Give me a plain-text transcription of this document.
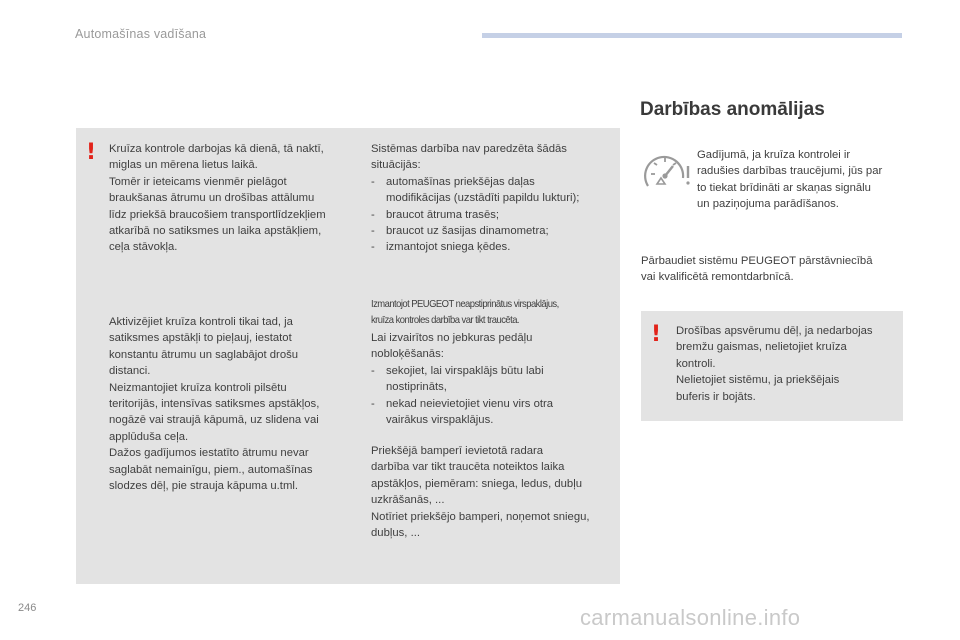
Automašīnas vadīšana
! Kruīza kontrole darbojas kā dienā, tā naktī,

miglas un mērena lietus laikā.

Tomēr ir ieteicams vienmēr pielāgot

braukšanas ātrumu un drošības attālumu

līdz priekšā braucošiem transportlīdzekļiem

atkarībā no satiksmes un laika apstākļiem,

ceļa stāvokļa.

Aktivizējiet kruīza kontroli tikai tad, ja

satiksmes apstākļi to pieļauj, iestatot

konstantu ātrumu un saglabājot drošu

distanci.

Neizmantojiet kruīza kontroli pilsētu

teritorijās, intensīvas satiksmes apstākļos,

nogāzē vai straujā kāpumā, uz slidena vai

applūduša ceļa.

Dažos gadījumos iestatīto ātrumu nevar

saglabāt nemainīgu, piem., automašīnas

slodzes dēļ, pie strauja kāpuma u.tml.

Sistēmas darbība nav paredzēta šādās

situācijās:

- automašīnas priekšējas daļas
modifikācijas (uzstādīti papildu lukturi);
- braucot ātruma trasēs;
- braucot uz šasijas dinamometra;
- izmantojot sniega ķēdes.

Izmantojot PEUGEOT neapstiprinātus virspaklājus,

kruīza kontroles darbība var tikt traucēta.

Lai izvairītos no jebkuras pedāļu

nobloķēšanās:

- sekojiet, lai virspaklājs būtu labi
nostiprināts,
- nekad neievietojiet vienu virs otra
vairākus virspaklājus.

Priekšējā bamperī ievietotā radara

darbība var tikt traucēta noteiktos laika

apstākļos, piemēram: sniega, ledus, dubļu

uzkrāšanās, ...

Notīriet priekšējo bamperi, noņemot sniegu,

dubļus, ...

Darbības anomālijas

Gadījumā, ja kruīza kontrolei ir

radušies darbības traucējumi, jūs par

to tiekat brīdināti ar skaņas signālu

un paziņojuma parādīšanos.

Pārbaudiet sistēmu PEUGEOT pārstāvniecībā

vai kvalificētā remontdarbnīcā.

! Drošības apsvērumu dēļ, ja nedarbojas

bremžu gaismas, nelietojiet kruīza

kontroli.

Nelietojiet sistēmu, ja priekšējais

buferis ir bojāts.

246	carmanualsonline.info
